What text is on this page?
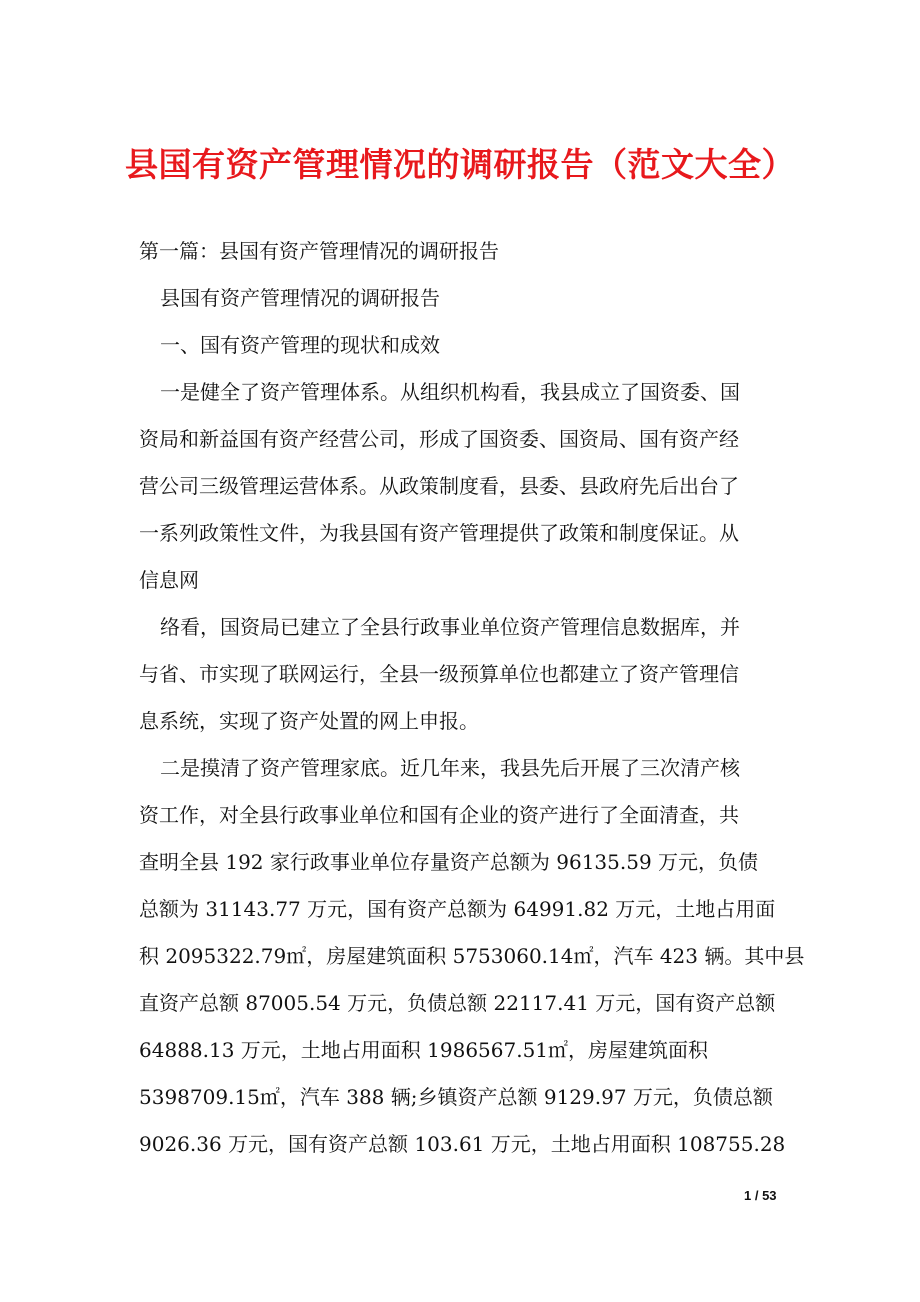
县国有资产管理情况的调研报告（范文大全）
第一篇：县国有资产管理情况的调研报告
县国有资产管理情况的调研报告
一、国有资产管理的现状和成效
一是健全了资产管理体系。从组织机构看，我县成立了国资委、国
资局和新益国有资产经营公司，形成了国资委、国资局、国有资产经
营公司三级管理运营体系。从政策制度看，县委、县政府先后出台了
一系列政策性文件，为我县国有资产管理提供了政策和制度保证。从
信息网
络看，国资局已建立了全县行政事业单位资产管理信息数据库，并
与省、市实现了联网运行，全县一级预算单位也都建立了资产管理信
息系统，实现了资产处置的网上申报。
二是摸清了资产管理家底。近几年来，我县先后开展了三次清产核
资工作，对全县行政事业单位和国有企业的资产进行了全面清查，共
查明全县 192 家行政事业单位存量资产总额为 96135.59 万元，负债
总额为 31143.77 万元，国有资产总额为 64991.82 万元，土地占用面
积 2095322.79㎡，房屋建筑面积 5753060.14㎡，汽车 423 辆。其中县
直资产总额 87005.54 万元，负债总额 22117.41 万元，国有资产总额
64888.13 万元，土地占用面积 1986567.51㎡，房屋建筑面积
5398709.15㎡，汽车 388 辆;乡镇资产总额 9129.97 万元，负债总额
9026.36 万元，国有资产总额 103.61 万元，土地占用面积 108755.28
1 / 53
